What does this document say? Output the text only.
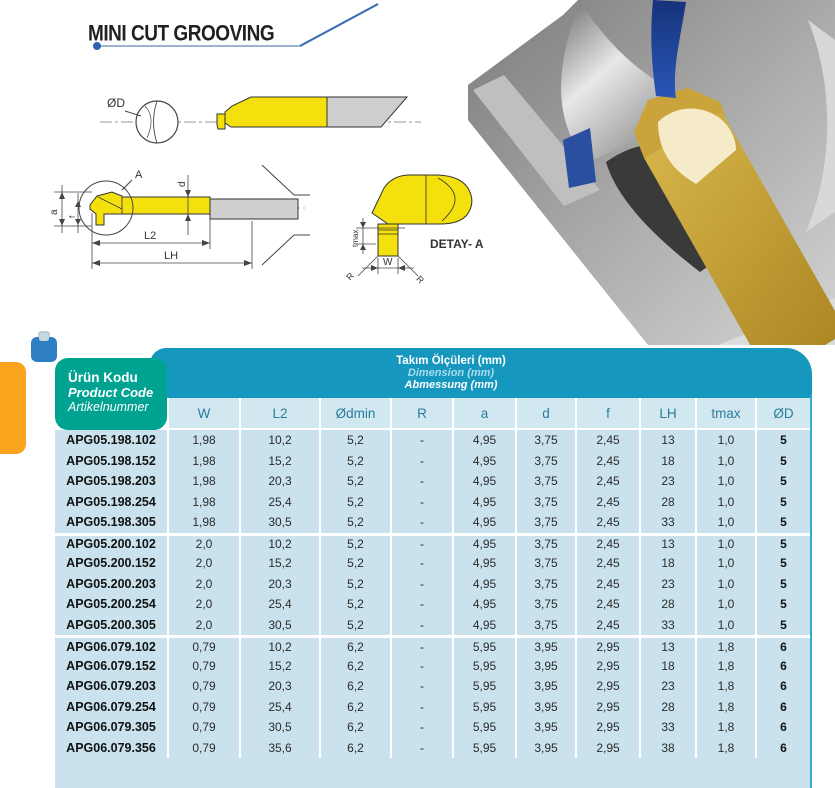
MINI CUT GROOVING
ØD
A
a
f
d
L2
LH
tmax
R	R
W
DETAY- A
Takım Ölçüleri (mm)
Dimension (mm)
Abmessung (mm)
Ürün Kodu
Product Code
Artikelnummer	W	L2	Ødmin	R	a	d	f	LH	tmax	ØD
APG05.198.102	1,98	10,2	5,2	-	4,95	3,75	2,45	13	1,0	5
APG05.198.152	1,98	15,2	5,2	-	4,95	3,75	2,45	18	1,0	5
APG05.198.203	1,98	20,3	5,2	-	4,95	3,75	2,45	23	1,0	5
APG05.198.254	1,98	25,4	5,2	-	4,95	3,75	2,45	28	1,0	5
APG05.198.305	1,98	30,5	5,2	-	4,95	3,75	2,45	33	1,0	5
APG05.200.102	2,0	10,2	5,2	-	4,95	3,75	2,45	13	1,0	5
APG05.200.152	2,0	15,2	5,2	-	4,95	3,75	2,45	18	1,0	5
APG05.200.203	2,0	20,3	5,2	-	4,95	3,75	2,45	23	1,0	5
APG05.200.254	2,0	25,4	5,2	-	4,95	3,75	2,45	28	1,0	5
APG05.200.305	2,0	30,5	5,2	-	4,95	3,75	2,45	33	1,0	5
APG06.079.102	0,79	10,2	6,2	-	5,95	3,95	2,95	13	1,8	6
APG06.079.152	0,79	15,2	6,2	-	5,95	3,95	2,95	18	1,8	6
APG06.079.203	0,79	20,3	6,2	-	5,95	3,95	2,95	23	1,8	6
APG06.079.254	0,79	25,4	6,2	-	5,95	3,95	2,95	28	1,8	6
APG06.079.305	0,79	30,5	6,2	-	5,95	3,95	2,95	33	1,8	6
APG06.079.356	0,79	35,6	6,2	-	5,95	3,95	2,95	38	1,8	6
